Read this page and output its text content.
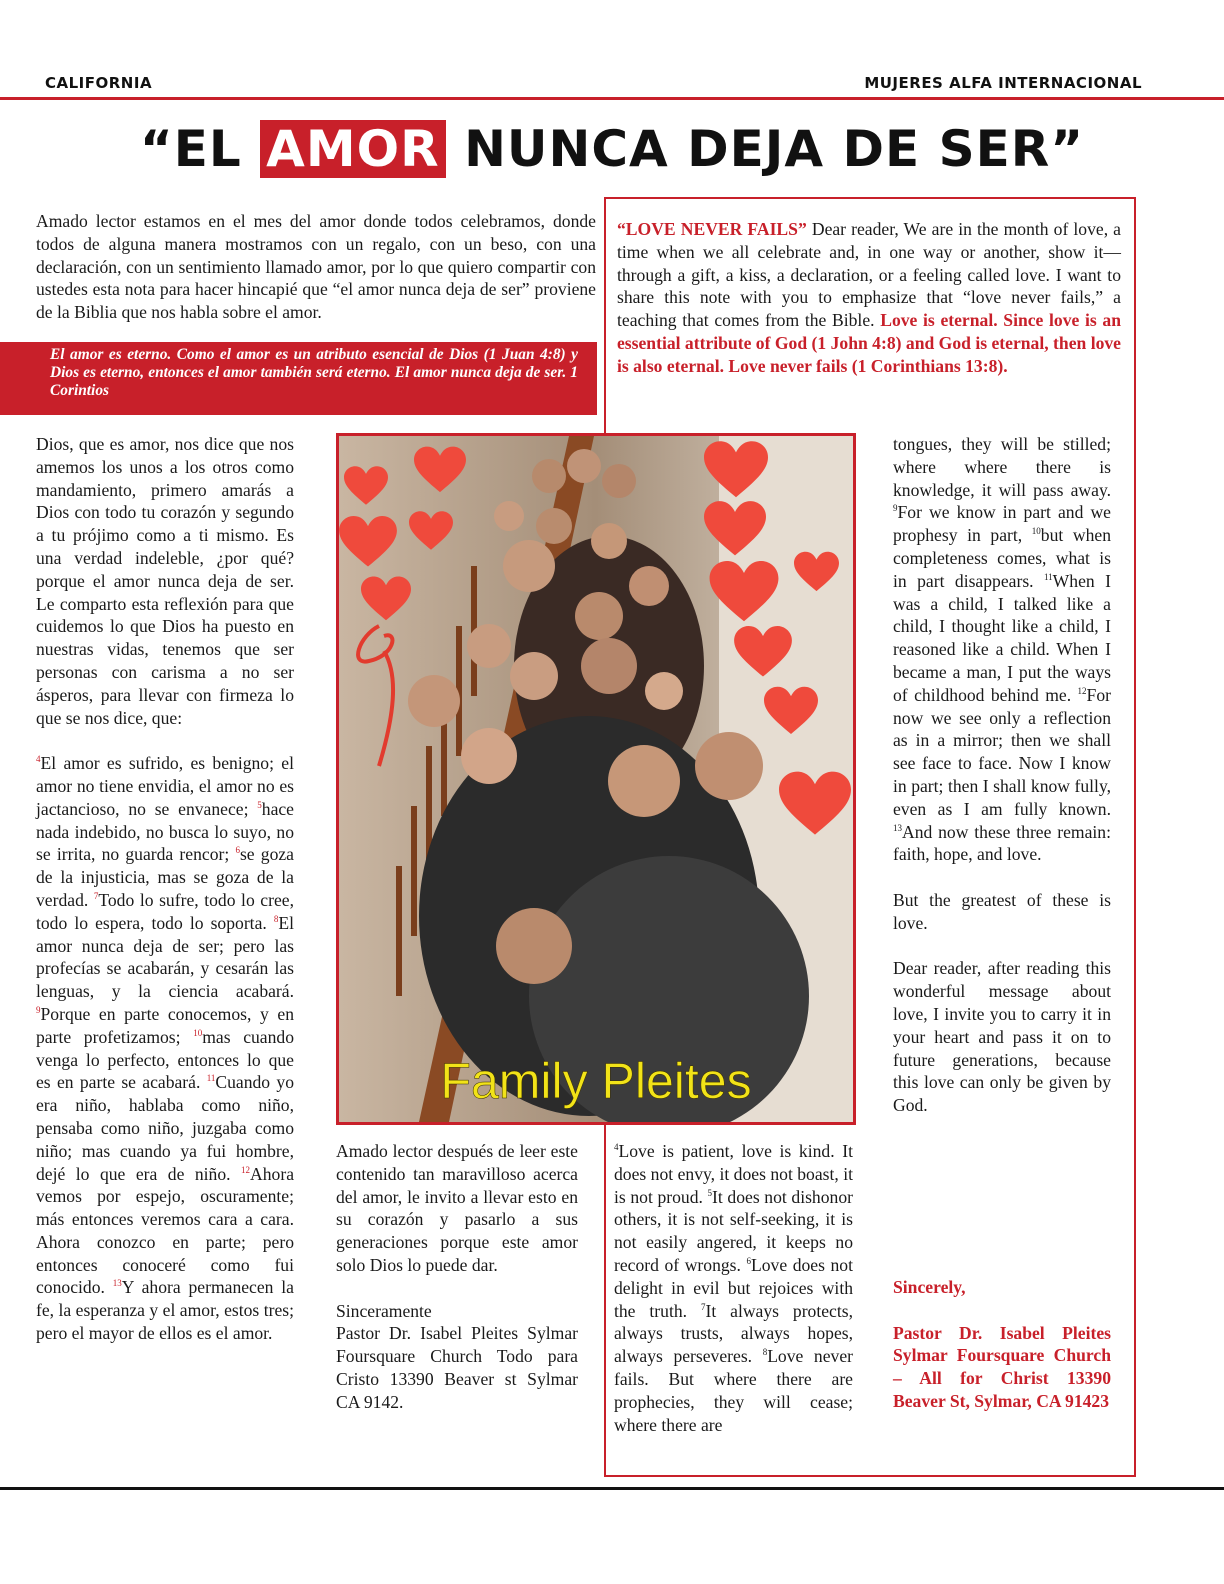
CALIFORNIA	MUJERES ALFA INTERNACIONAL
“EL AMOR NUNCA DEJA DE SER”
Amado lector estamos en el mes del amor donde todos celebramos, donde todos de alguna manera mostramos con un regalo, con un beso, con una declaración, con un sentimiento llamado amor, por lo que quiero compartir con ustedes esta nota para hacer hincapié que “el amor nunca deja de ser” proviene de la Biblia que nos habla sobre el amor.

El amor es eterno. Como el amor es un atributo esencial de Dios (1 Juan 4:8) y Dios es eterno, entonces el amor también será eterno. El amor nunca deja de ser. 1 Corintios

“LOVE NEVER FAILS” Dear reader, We are in the month of love, a time when we all celebrate and, in one way or another, show it—through a gift, a kiss, a declaration, or a feeling called love. I want to share this note with you to emphasize that “love never fails,” a teaching that comes from the Bible. Love is eternal. Since love is an essential attribute of God (1 John 4:8) and God is eternal, then love is also eternal. Love never fails (1 Corinthians 13:8).

Dios, que es amor, nos dice que nos amemos los unos a los otros como mandamiento, primero amarás a Dios con todo tu corazón y segundo a tu prójimo como a ti mismo. Es una verdad indeleble, ¿por qué? porque el amor nunca deja de ser. Le comparto esta reflexión para que cuidemos lo que Dios ha puesto en nuestras vidas, tenemos que ser personas con carisma a no ser ásperos, para llevar con firmeza lo que se nos dice, que:

$^4$El amor es sufrido, es benigno; el amor no tiene envidia, el amor no es jactancioso, no se envanece; $^5$hace nada indebido, no busca lo suyo, no se irrita, no guarda rencor; $^6$se goza de la injusticia, mas se goza de la verdad. $^7$Todo lo sufre, todo lo cree, todo lo espera, todo lo soporta. $^8$El amor nunca deja de ser; pero las profecías se acabarán, y cesarán las lenguas, y la ciencia acabará. $^9$Porque en parte conocemos, y en parte profetizamos; $^{10}$mas cuando venga lo perfecto, entonces lo que es en parte se acabará. $^{11}$Cuando yo era niño, hablaba como niño, pensaba como niño, juzgaba como niño; mas cuando ya fui hombre, dejé lo que era de niño. $^{12}$Ahora vemos por espejo, oscuramente; más entonces veremos cara a cara. Ahora conozco en parte; pero entonces conoceré como fui conocido. $^{13}$Y ahora permanecen la fe, la esperanza y el amor, estos tres; pero el mayor de ellos es el amor.

Family Pleites

Amado lector después de leer este contenido tan maravilloso acerca del amor, le invito a llevar esto en su corazón y pasarlo a sus generaciones porque este amor solo Dios lo puede dar.

Sinceramente

Pastor Dr. Isabel Pleites Sylmar Foursquare Church Todo para Cristo 13390 Beaver st Sylmar CA 9142.

$^4$Love is patient, love is kind. It does not envy, it does not boast, it is not proud. $^5$It does not dishonor others, it is not self-seeking, it is not easily angered, it keeps no record of wrongs. $^6$Love does not delight in evil but rejoices with the truth. $^7$It always protects, always trusts, always hopes, always perseveres. $^8$Love never fails. But where there are prophecies, they will cease; where there are

tongues, they will be stilled; where where there is knowledge, it will pass away. $^9$For we know in part and we prophesy in part, $^{10}$but when completeness comes, what is in part disappears. $^{11}$When I was a child, I talked like a child, I thought like a child, I reasoned like a child. When I became a man, I put the ways of childhood behind me. $^{12}$For now we see only a reflection as in a mirror; then we shall see face to face. Now I know in part; then I shall know fully, even as I am fully known. $^{13}$And now these three remain: faith, hope, and love.

But the greatest of these is love.

Dear reader, after reading this wonderful message about love, I invite you to carry it in your heart and pass it on to future generations, because this love can only be given by God.

Sincerely,

Pastor Dr. Isabel Pleites Sylmar Foursquare Church – All for Christ 13390 Beaver St, Sylmar, CA 91423
